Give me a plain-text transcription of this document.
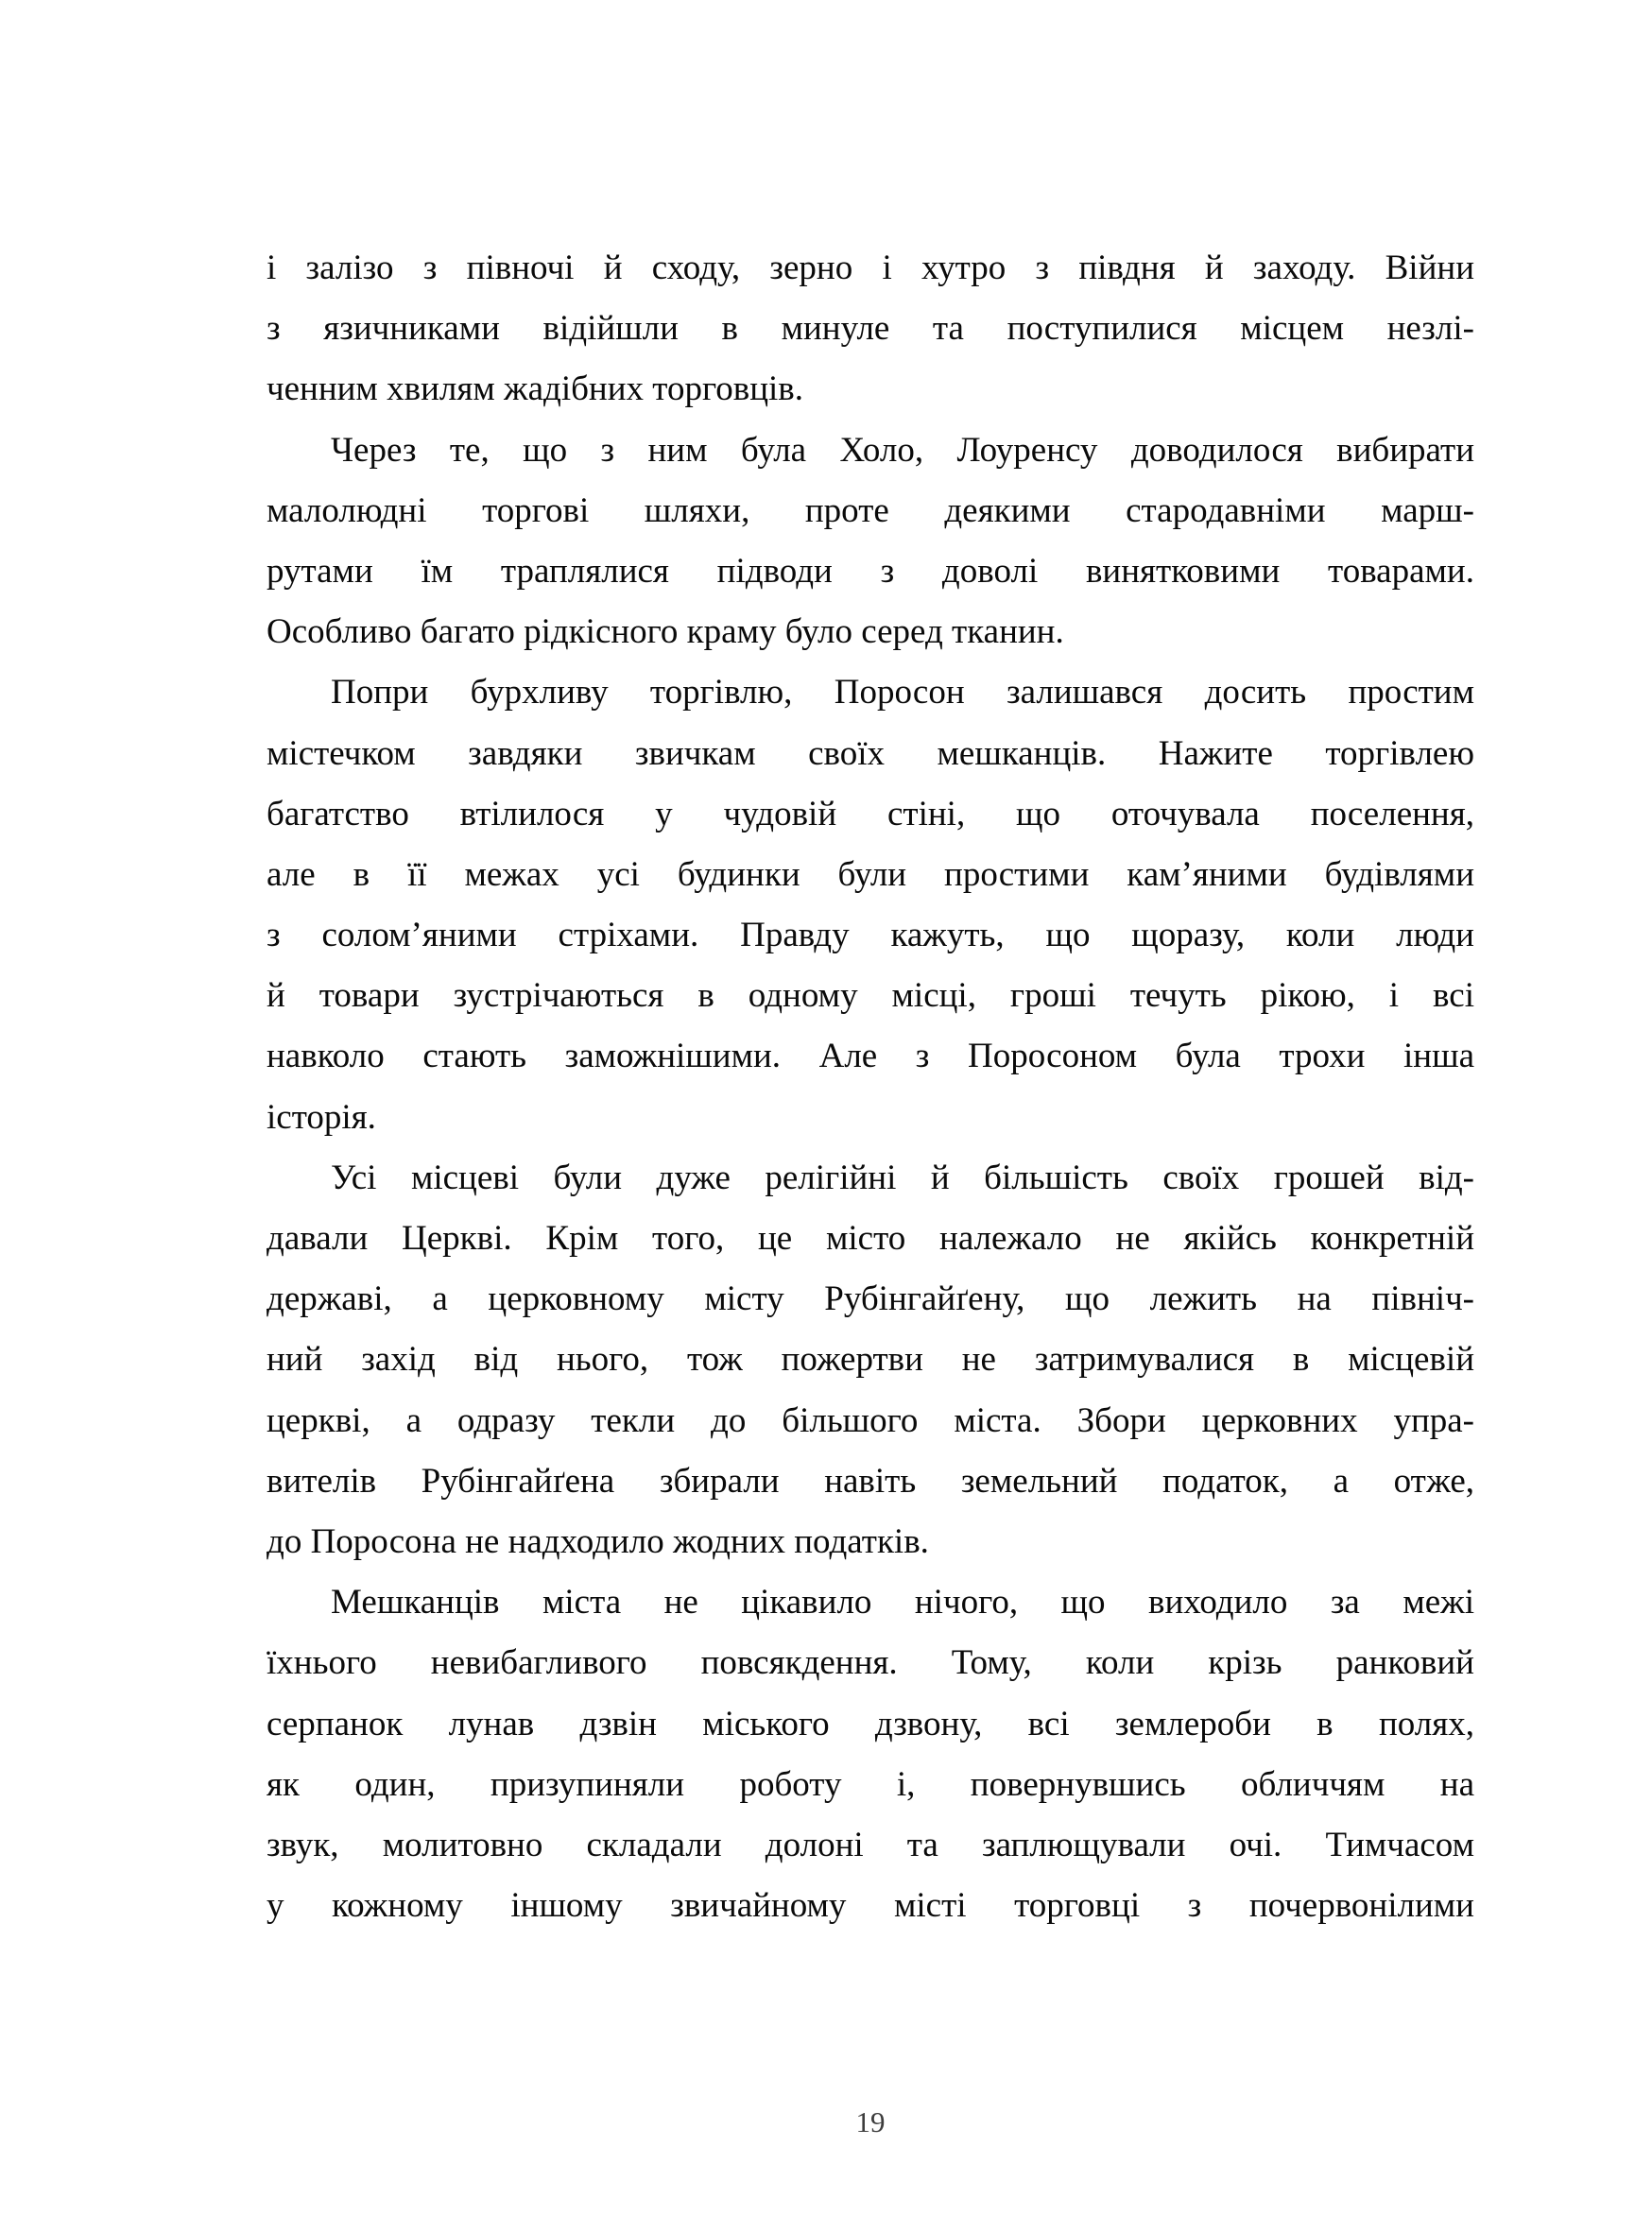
і залізо з півночі й сходу, зерно і хутро з півдня й заходу. Війни
з язичниками відійшли в минуле та поступилися місцем незлі-
ченним хвилям жадібних торговців.

Через те, що з ним була Холо, Лоуренсу доводилося вибирати
малолюдні торгові шляхи, проте деякими стародавніми марш-
рутами їм траплялися підводи з доволі винятковими товарами.
Особливо багато рідкісного краму було серед тканин.

Попри бурхливу торгівлю, Поросон залишався досить простим
містечком завдяки звичкам своїх мешканців. Нажите торгівлею
багатство втілилося у чудовій стіні, що оточувала поселення,
але в її межах усі будинки були простими кам’яними будівлями
з солом’яними стріхами. Правду кажуть, що щоразу, коли люди
й товари зустрічаються в одному місці, гроші течуть рікою, і всі
навколо стають заможнішими. Але з Поросоном була трохи інша
історія.

Усі місцеві були дуже релігійні й більшість своїх грошей від-
давали Церкві. Крім того, це місто належало не якійсь конкретній
державі, а церковному місту Рубінгайґену, що лежить на північ-
ний захід від нього, тож пожертви не затримувалися в місцевій
церкві, а одразу текли до більшого міста. Збори церковних упра-
вителів Рубінгайґена збирали навіть земельний податок, а отже,
до Поросона не надходило жодних податків.

Мешканців міста не цікавило нічого, що виходило за межі
їхнього невибагливого повсякдення. Тому, коли крізь ранковий
серпанок лунав дзвін міського дзвону, всі землероби в полях,
як один, призупиняли роботу і, повернувшись обличчям на
звук, молитовно складали долоні та заплющували очі. Тимчасом
у кожному іншому звичайному місті торговці з почервонілими

19
